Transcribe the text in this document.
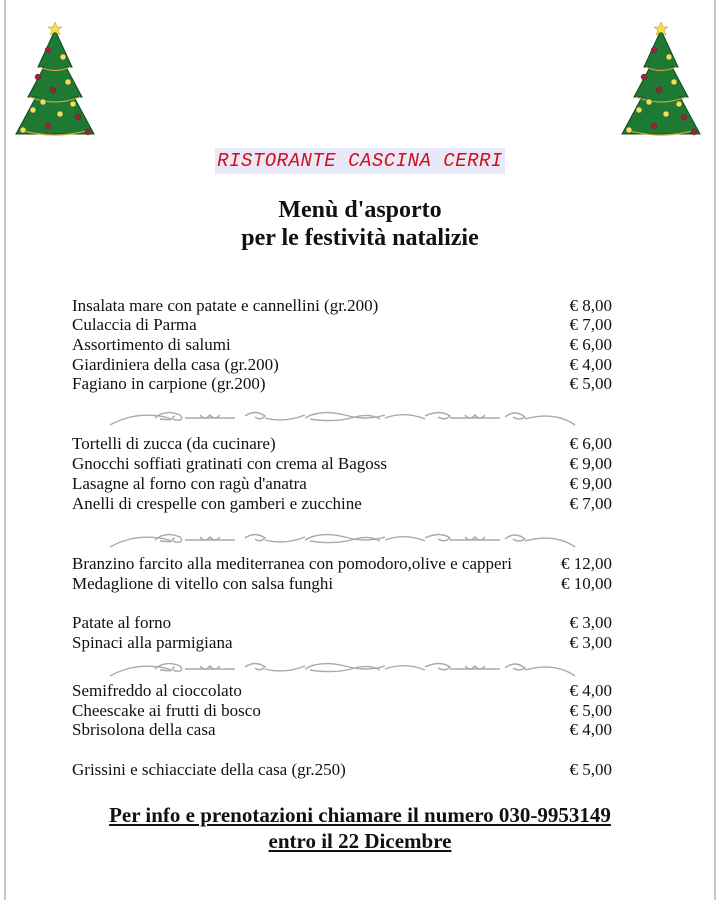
RISTORANTE CASCINA CERRI
Menù d'asporto
per le festività natalizie
Insalata mare con patate e cannellini (gr.200)	€ 8,00
Culaccia di Parma	€ 7,00
Assortimento di salumi	€ 6,00
Giardiniera della casa (gr.200)	€ 4,00
Fagiano in carpione (gr.200)	€ 5,00
Tortelli di zucca (da cucinare)	€ 6,00
Gnocchi soffiati gratinati con crema al Bagoss	€ 9,00
Lasagne al forno con ragù d'anatra	€ 9,00
Anelli di crespelle con gamberi e zucchine	€ 7,00
Branzino farcito alla mediterranea con pomodoro,olive e capperi	€ 12,00
Medaglione di vitello con salsa funghi	€ 10,00
Patate al forno	€ 3,00
Spinaci alla parmigiana	€ 3,00
Semifreddo al cioccolato	€ 4,00
Cheescake ai frutti di bosco	€ 5,00
Sbrisolona della casa	€ 4,00
Grissini e schiacciate della casa (gr.250)	€ 5,00
Per info e prenotazioni chiamare il numero 030-9953149
entro il 22 Dicembre
